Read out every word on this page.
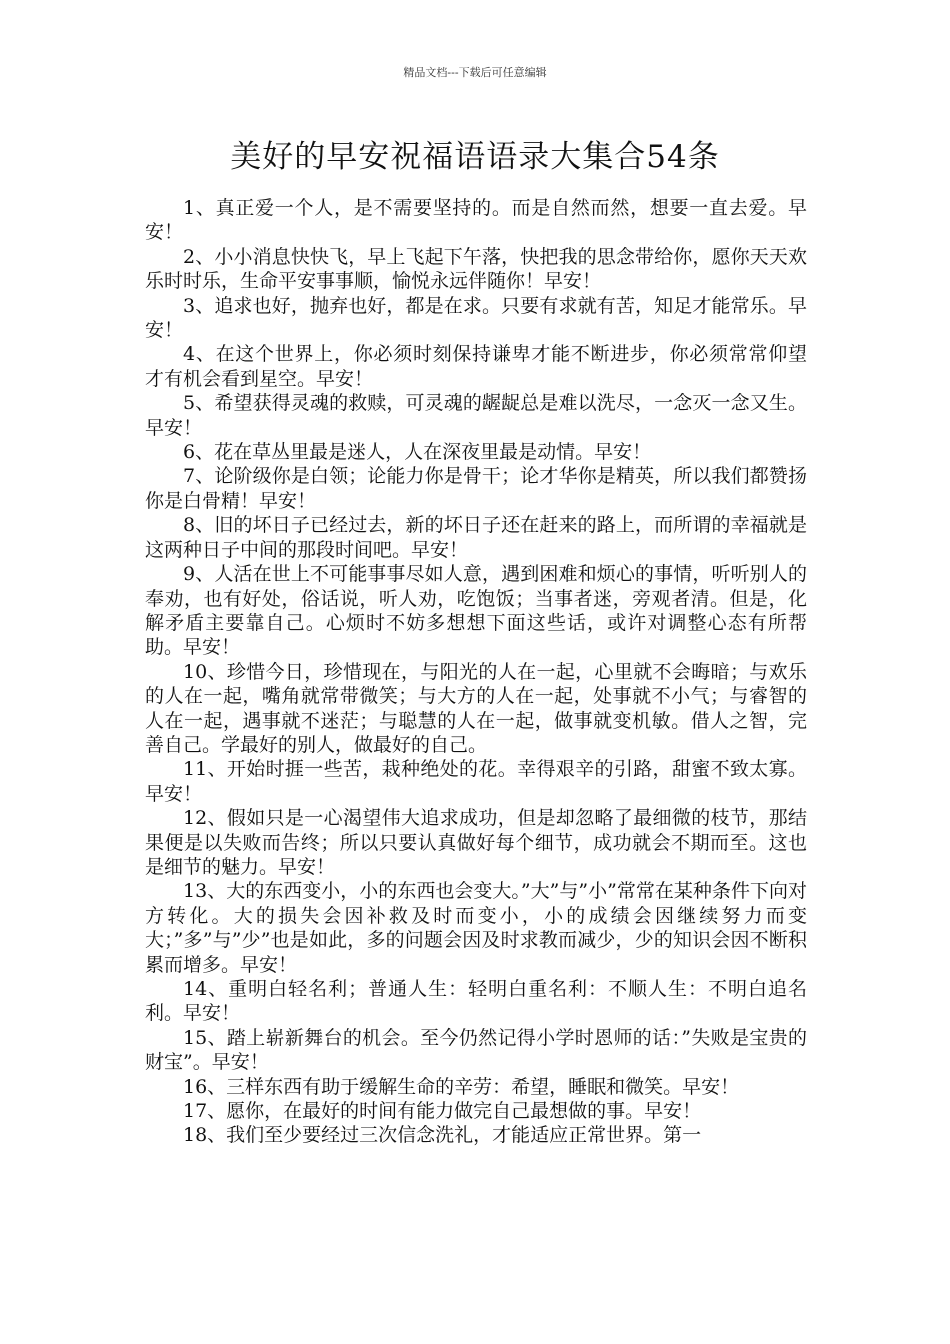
精品文档---下载后可任意编辑
美好的早安祝福语语录大集合54条

1、真正爱一个人，是不需要坚持的。而是自然而然，想要一直去爱。早安！

2、小小消息快快飞，早上飞起下午落，快把我的思念带给你，愿你天天欢乐时时乐，生命平安事事顺，愉悦永远伴随你！早安！

3、追求也好，抛弃也好，都是在求。只要有求就有苦，知足才能常乐。早安！

4、在这个世界上，你必须时刻保持谦卑才能不断进步，你必须常常仰望 才有机会看到星空。早安！

5、希望获得灵魂的救赎，可灵魂的龌龊总是难以洗尽，一念灭一念又生。早安！

6、花在草丛里最是迷人，人在深夜里最是动情。早安！

7、论阶级你是白领；论能力你是骨干；论才华你是精英，所以我们都赞扬你是白骨精！早安！

8、旧的坏日子已经过去，新的坏日子还在赶来的路上，而所谓的幸福就是这两种日子中间的那段时间吧。早安！

9、人活在世上不可能事事尽如人意，遇到困难和烦心的事情，听听别人的奉劝，也有好处，俗话说，听人劝，吃饱饭；当事者迷，旁观者清。但是，化解矛盾主要靠自己。心烦时不妨多想想下面这些话，或许对调整心态有所帮助。早安！

10、珍惜今日，珍惜现在，与阳光的人在一起，心里就不会晦暗；与欢乐的人在一起，嘴角就常带微笑；与大方的人在一起，处事就不小气；与睿智的人在一起，遇事就不迷茫；与聪慧的人在一起，做事就变机敏。借人之智，完善自己。学最好的别人，做最好的自己。

11、开始时捱一些苦，栽种绝处的花。幸得艰辛的引路，甜蜜不致太寡。早安！

12、假如只是一心渴望伟大追求成功，但是却忽略了最细微的枝节，那结果便是以失败而告终；所以只要认真做好每个细节，成功就会不期而至。这也是细节的魅力。早安！

13、大的东西变小，小的东西也会变大。”大”与”小”常常在某种条件下向对方转化。大的损失会因补救及时而变小，小的成绩会因继续努力而变大；”多”与”少”也是如此，多的问题会因及时求教而减少，少的知识会因不断积累而增多。早安！

14、重明白轻名利；普通人生：轻明白重名利：不顺人生：不明白追名利。早安！

15、踏上崭新舞台的机会。至今仍然记得小学时恩师的话：”失败是宝贵的财宝”。早安！

16、三样东西有助于缓解生命的辛劳：希望，睡眠和微笑。早安！

17、愿你，在最好的时间有能力做完自己最想做的事。早安！

18、我们至少要经过三次信念洗礼，才能适应正常世界。第一
